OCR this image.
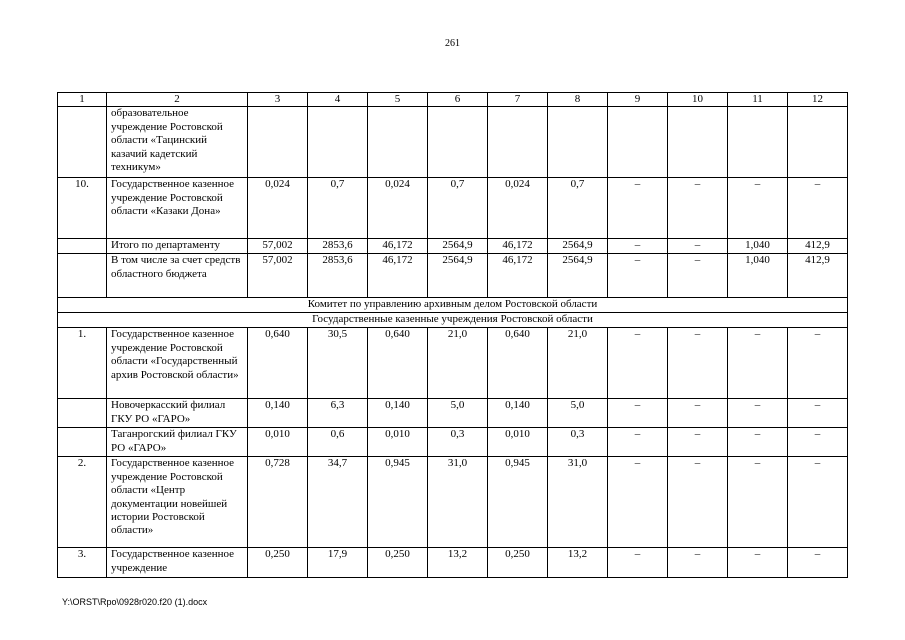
261
1	2	3	4	5	6	7	8	9	10	11	12
	образовательное учреждение Ростовской области «Тацинский казачий кадетский техникум»										
10.	Государственное казенное учреждение Ростовской области «Казаки Дона»	0,024	0,7	0,024	0,7	0,024	0,7	–	–	–	–
	Итого по департаменту	57,002	2853,6	46,172	2564,9	46,172	2564,9	–	–	1,040	412,9
	В том числе за счет средств областного бюджета	57,002	2853,6	46,172	2564,9	46,172	2564,9	–	–	1,040	412,9
Комитет по управлению архивным делом Ростовской области											
Государственные казенные учреждения Ростовской области											
1.	Государственное казенное учреждение Ростовской области «Государственный архив Ростовской области»	0,640	30,5	0,640	21,0	0,640	21,0	–	–	–	–
	Новочеркасский филиал ГКУ РО «ГАРО»	0,140	6,3	0,140	5,0	0,140	5,0	–	–	–	–
	Таганрогский филиал ГКУ РО «ГАРО»	0,010	0,6	0,010	0,3	0,010	0,3	–	–	–	–
2.	Государственное казенное учреждение Ростовской области «Центр документации новейшей истории Ростовской области»	0,728	34,7	0,945	31,0	0,945	31,0	–	–	–	–
3.	Государственное казенное учреждение	0,250	17,9	0,250	13,2	0,250	13,2	–	–	–	–
Y:\ORST\Rpo\0928r020.f20 (1).docx
